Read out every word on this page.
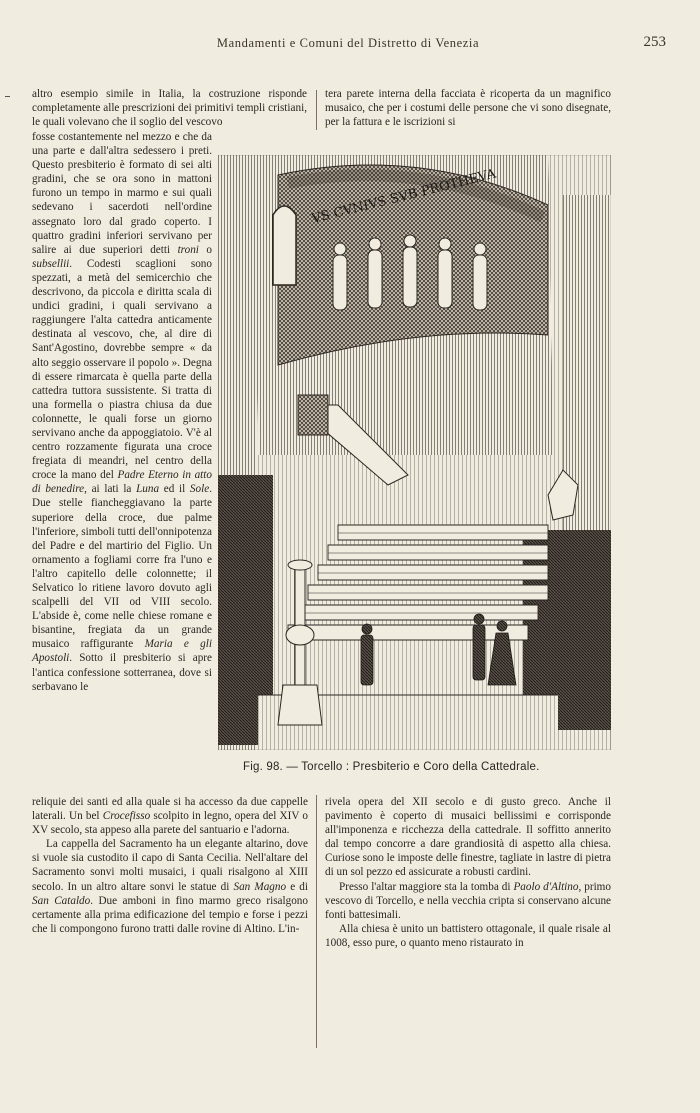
Mandamenti e Comuni del Distretto di Venezia	253

altro esempio simile in Italia, la costruzione risponde completamente alle prescrizioni dei primitivi templi cristiani, le quali volevano che il soglio del vescovo

tera parete interna della facciata è ricoperta da un magnifico musaico, che per i costumi delle persone che vi sono disegnate, per la fattura e le iscrizioni si

fosse costantemente nel mezzo e che da una parte e dall'altra sedessero i preti. Questo presbiterio è formato di sei alti gradini, che se ora sono in mattoni furono un tempo in marmo e sui quali sedevano i sacerdoti nell'ordine assegnato loro dal grado coperto. I quattro gradini inferiori servivano per salire ai due superiori detti troni o subsellii. Codesti scaglioni sono spezzati, a metà del semicerchio che descrivono, da piccola e diritta scala di undici gradini, i quali servivano a raggiungere l'alta cattedra anticamente destinata al vescovo, che, al dire di Sant'Agostino, dovrebbe sempre « da alto seggio osservare il popolo ». Degna di essere rimarcata è quella parte della cattedra tuttora sussistente. Si tratta di una formella o piastra chiusa da due colonnette, le quali forse un giorno servivano anche da appoggiatoio. V'è al centro rozzamente figurata una croce fregiata di meandri, nel centro della croce la mano del Padre Eterno in atto di benedire, ai lati la Luna ed il Sole. Due stelle fiancheggiavano la parte superiore della croce, due palme l'inferiore, simboli tutti dell'onnipotenza del Padre e del martirio del Figlio. Un ornamento a fogliami corre fra l'uno e l'altro capitello delle colonnette; il Selvatico lo ritiene lavoro dovuto agli scalpelli del VII od VIII secolo. L'abside è, come nelle chiese romane e bisantine, fregiata da un grande musaico raffigurante Maria e gli Apostoli. Sotto il presbiterio si apre l'antica confessione sotterranea, dove si serbavano le

VS CVNIVS SVB PROTHEVA
Fig. 98. — Torcello : Presbiterio e Coro della Cattedrale.

reliquie dei santi ed alla quale si ha accesso da due cappelle laterali. Un bel Crocefisso scolpito in legno, opera del XIV o XV secolo, sta appeso alla parete del santuario e l'adorna.

La cappella del Sacramento ha un elegante altarino, dove si vuole sia custodito il capo di Santa Cecilia. Nell'altare del Sacramento sonvi molti musaici, i quali risalgono al XIII secolo. In un altro altare sonvi le statue di San Magno e di San Cataldo. Due amboni in fino marmo greco risalgono certamente alla prima edificazione del tempio e forse i pezzi che li compongono furono tratti dalle rovine di Altino. L'in-

rivela opera del XII secolo e di gusto greco. Anche il pavimento è coperto di musaici bellissimi e corrisponde all'imponenza e ricchezza della cattedrale. Il soffitto annerito dal tempo concorre a dare grandiosità di aspetto alla chiesa. Curiose sono le imposte delle finestre, tagliate in lastre di pietra di un sol pezzo ed assicurate a robusti cardini.

Presso l'altar maggiore sta la tomba di Paolo d'Altino, primo vescovo di Torcello, e nella vecchia cripta si conservano alcune fonti battesimali.

Alla chiesa è unito un battistero ottagonale, il quale risale al 1008, esso pure, o quanto meno ristaurato in
